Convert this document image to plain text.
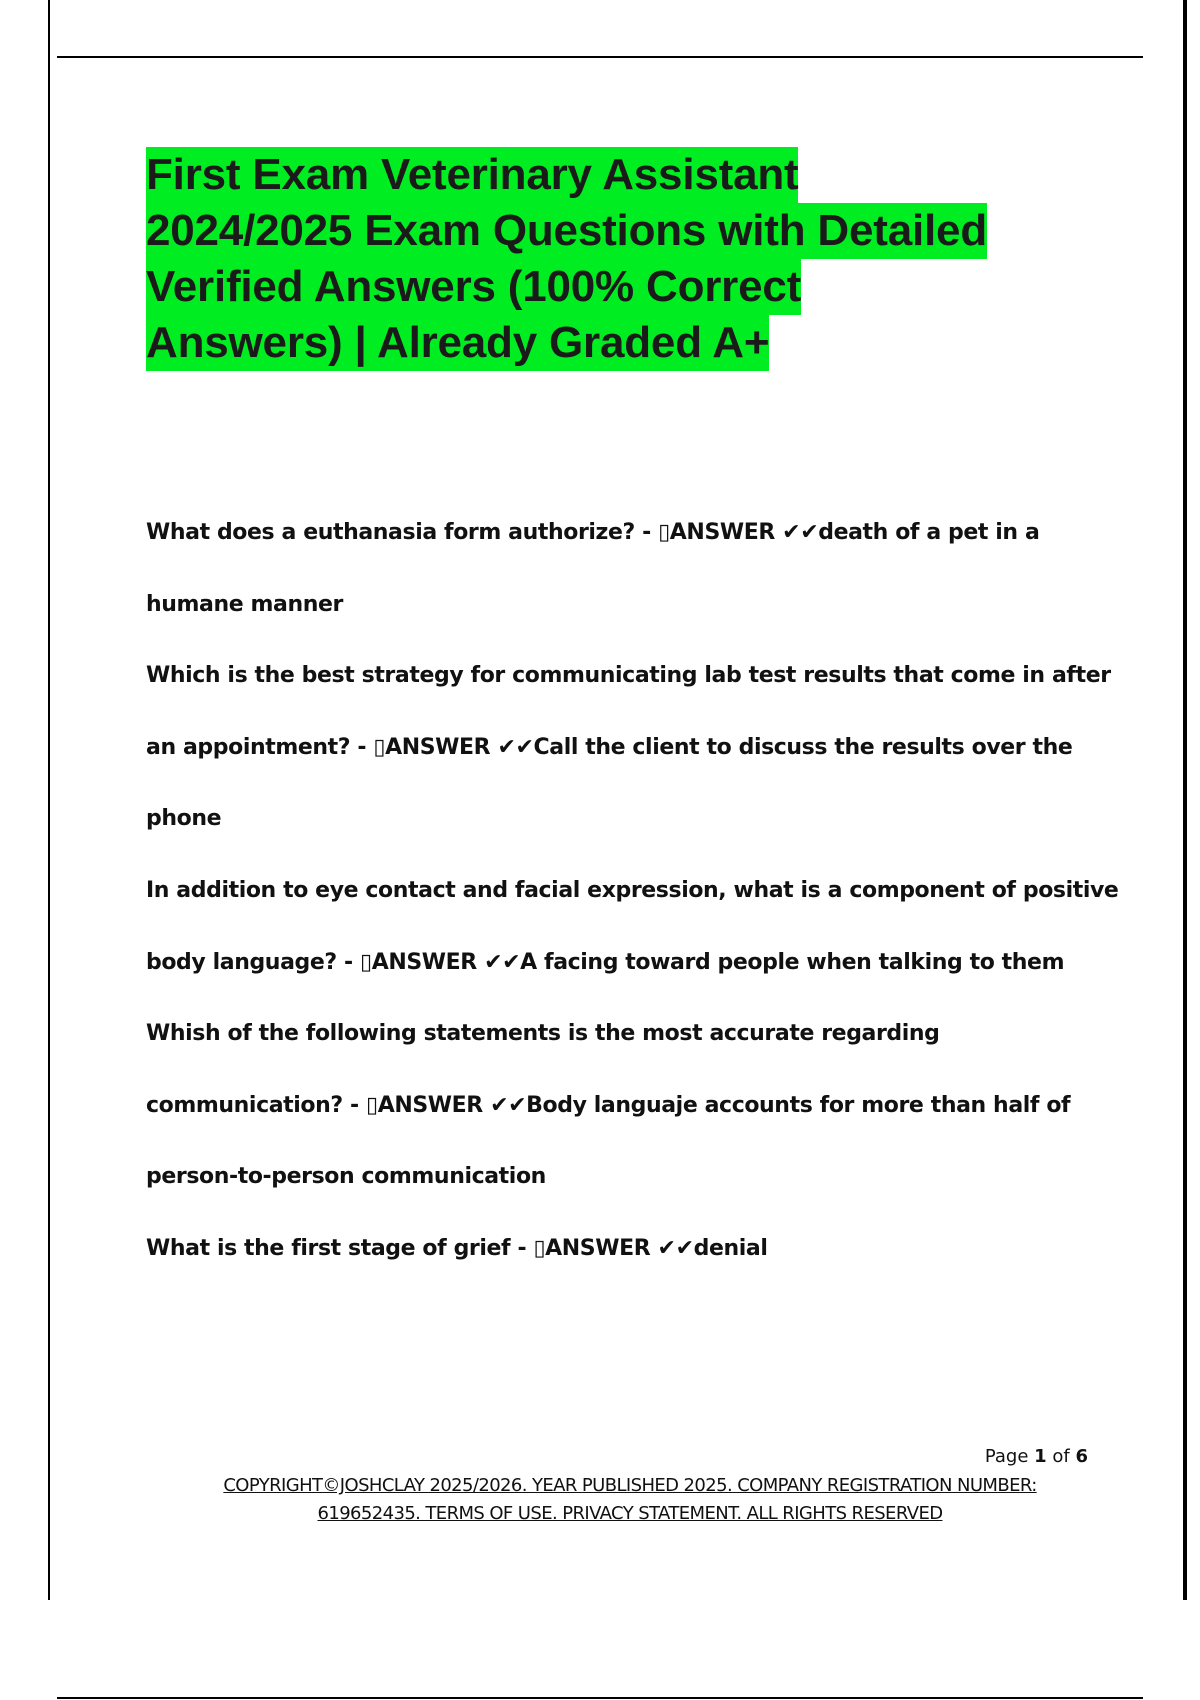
First Exam Veterinary Assistant
2024/2025 Exam Questions with Detailed
Verified Answers (100% Correct
Answers) | Already Graded A+
What does a euthanasia form authorize? - ▯ANSWER ✔✔death of a pet in a
humane manner
Which is the best strategy for communicating lab test results that come in after
an appointment? - ▯ANSWER ✔✔Call the client to discuss the results over the
phone
In addition to eye contact and facial expression, what is a component of positive
body language? - ▯ANSWER ✔✔A facing toward people when talking to them
Whish of the following statements is the most accurate regarding
communication? - ▯ANSWER ✔✔Body languaje accounts for more than half of
person-to-person communication
What is the first stage of grief - ▯ANSWER ✔✔denial
Page 1 of 6
COPYRIGHT©JOSHCLAY 2025/2026. YEAR PUBLISHED 2025. COMPANY REGISTRATION NUMBER:
619652435. TERMS OF USE. PRIVACY STATEMENT. ALL RIGHTS RESERVED
